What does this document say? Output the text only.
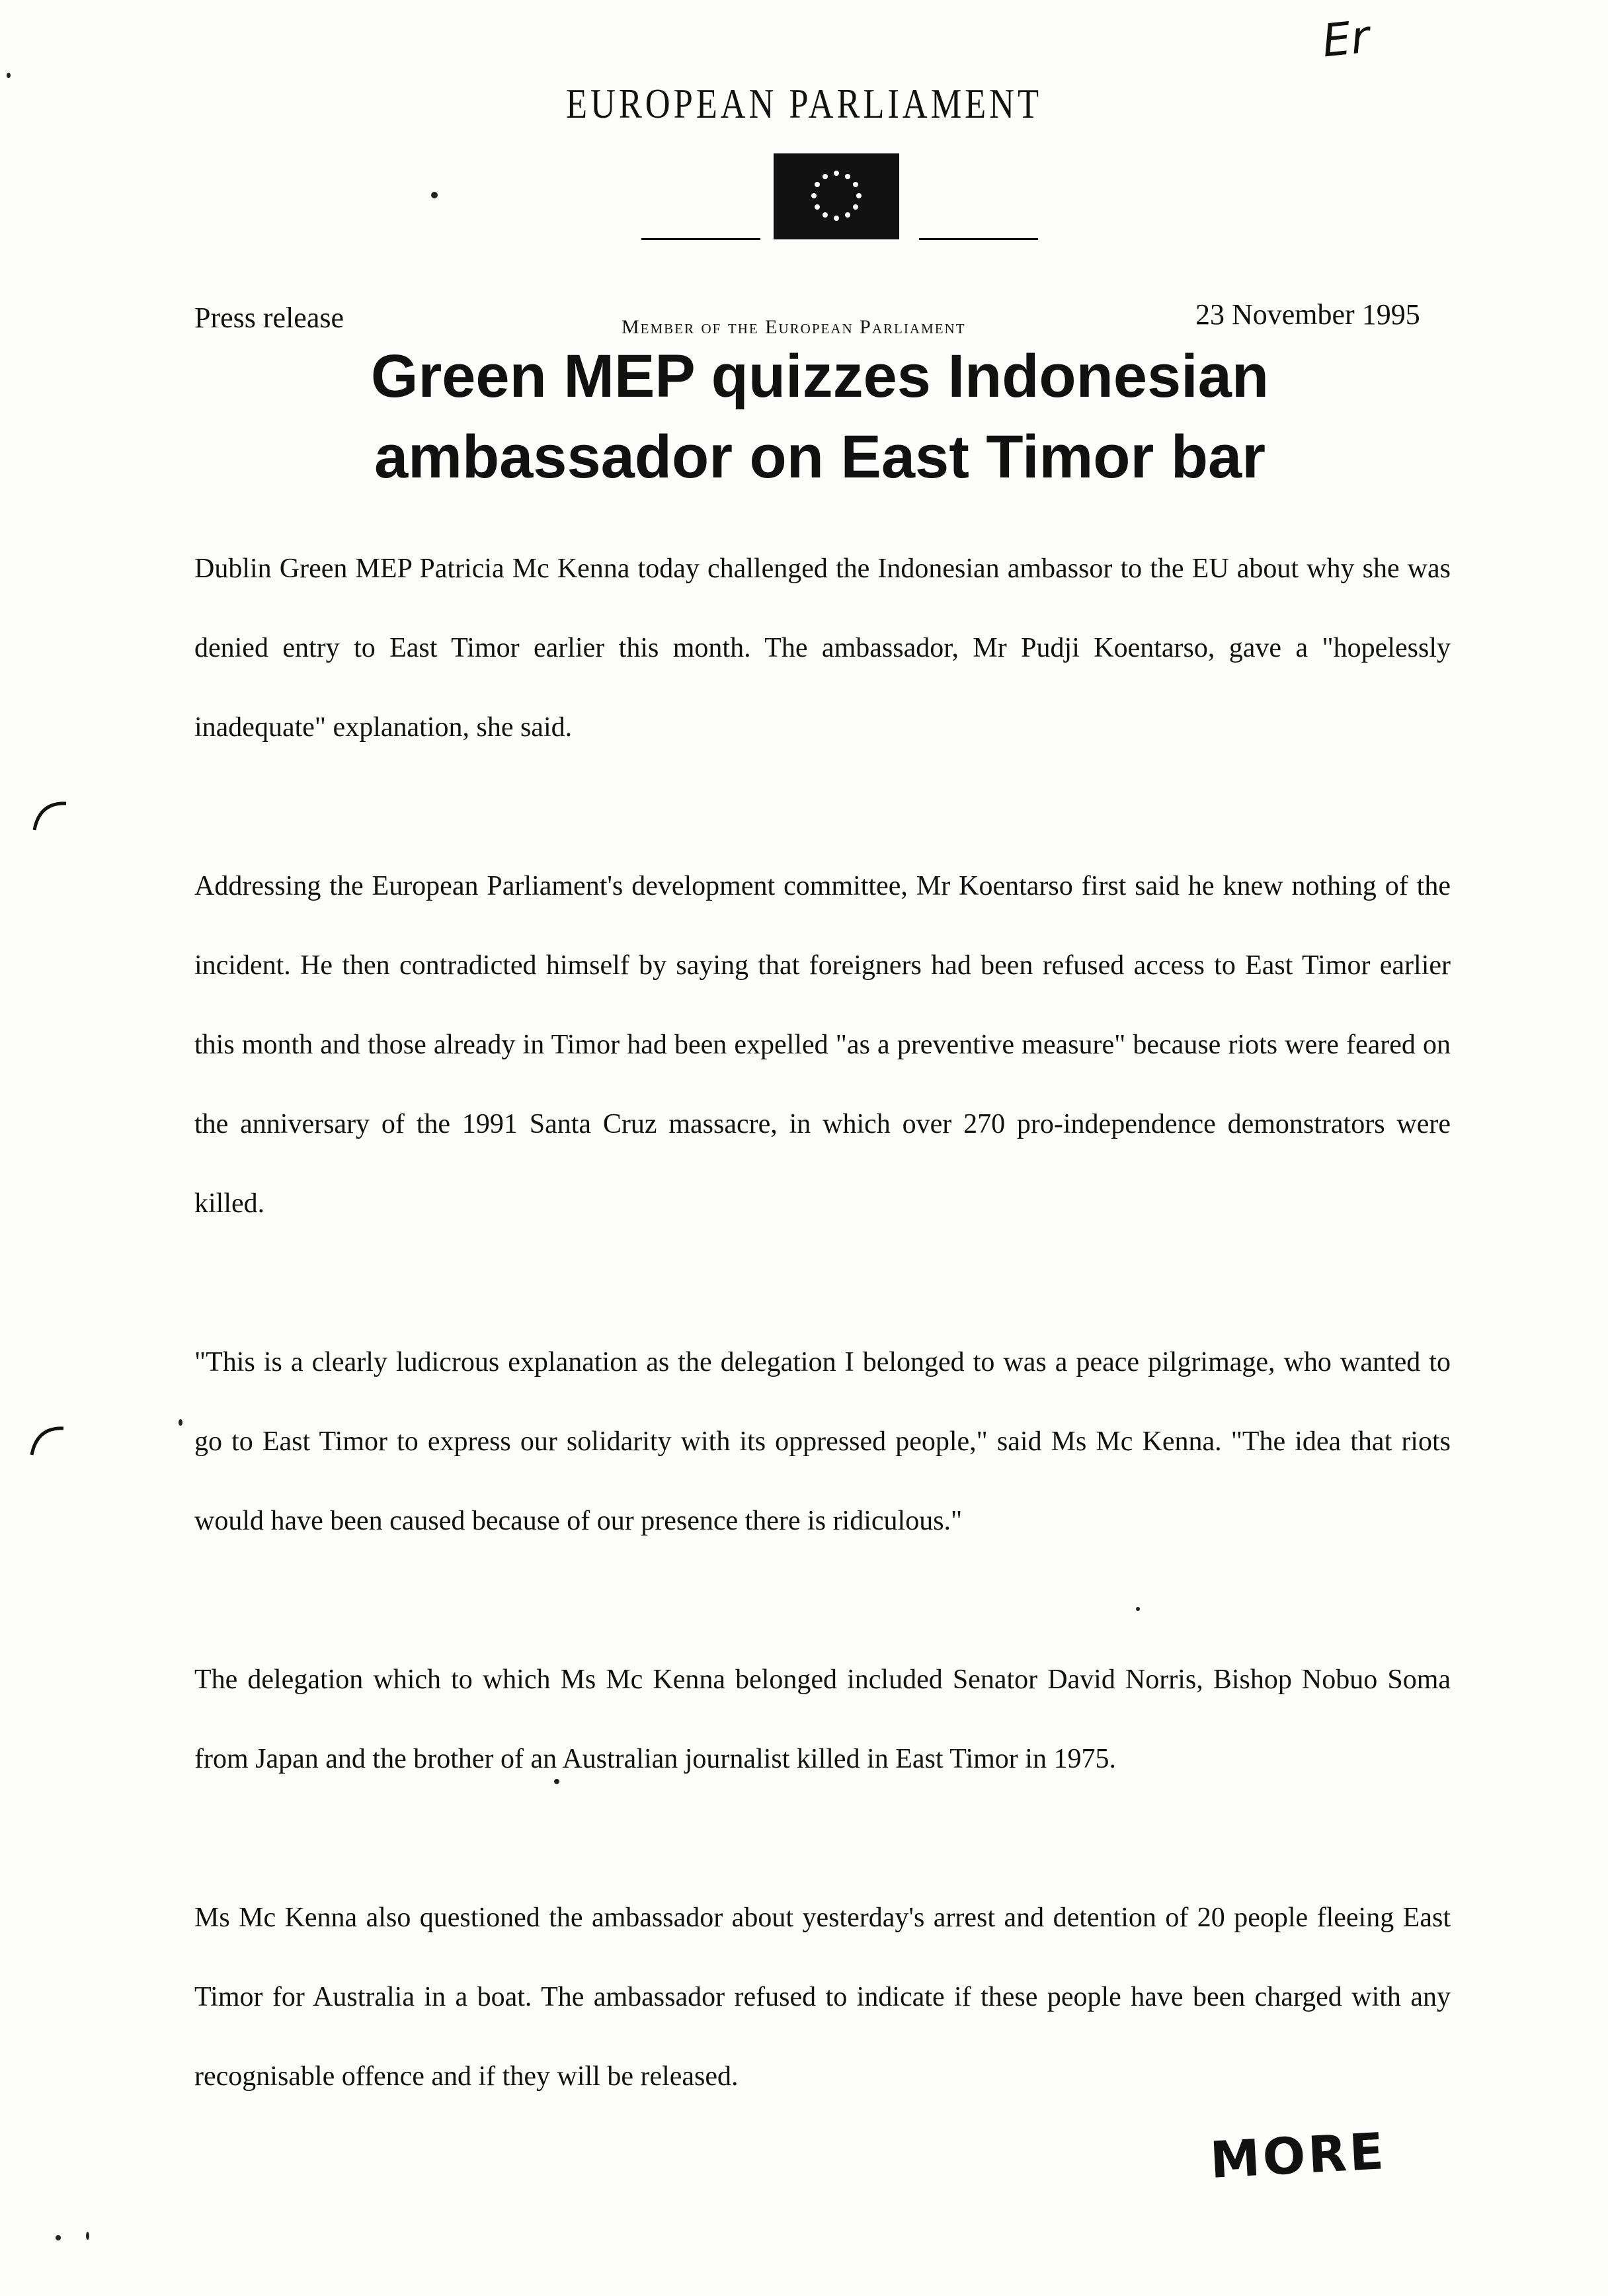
Er
EUROPEAN PARLIAMENT
Press release	Member of the European Parliament	23 November 1995
Green MEP quizzes Indonesian ambassador on East Timor bar

Dublin Green MEP Patricia Mc Kenna today challenged the Indonesian ambassor to the EU about why she was denied entry to East Timor earlier this month. The ambassador, Mr Pudji Koentarso, gave a "hopelessly inadequate" explanation, she said.

Addressing the European Parliament's development committee, Mr Koentarso first said he knew nothing of the incident. He then contradicted himself by saying that foreigners had been refused access to East Timor earlier this month and those already in Timor had been expelled "as a preventive measure" because riots were feared on the anniversary of the 1991 Santa Cruz massacre, in which over 270 pro-independence demonstrators were killed.

"This is a clearly ludicrous explanation as the delegation I belonged to was a peace pilgrimage, who wanted to go to East Timor to express our solidarity with its oppressed people," said Ms Mc Kenna. "The idea that riots would have been caused because of our presence there is ridiculous."

The delegation which to which Ms Mc Kenna belonged included Senator David Norris, Bishop Nobuo Soma from Japan and the brother of an Australian journalist killed in East Timor in 1975.

Ms Mc Kenna also questioned the ambassador about yesterday's arrest and detention of 20 people fleeing East Timor for Australia in a boat. The ambassador refused to indicate if these people have been charged with any recognisable offence and if they will be released.

MORE
